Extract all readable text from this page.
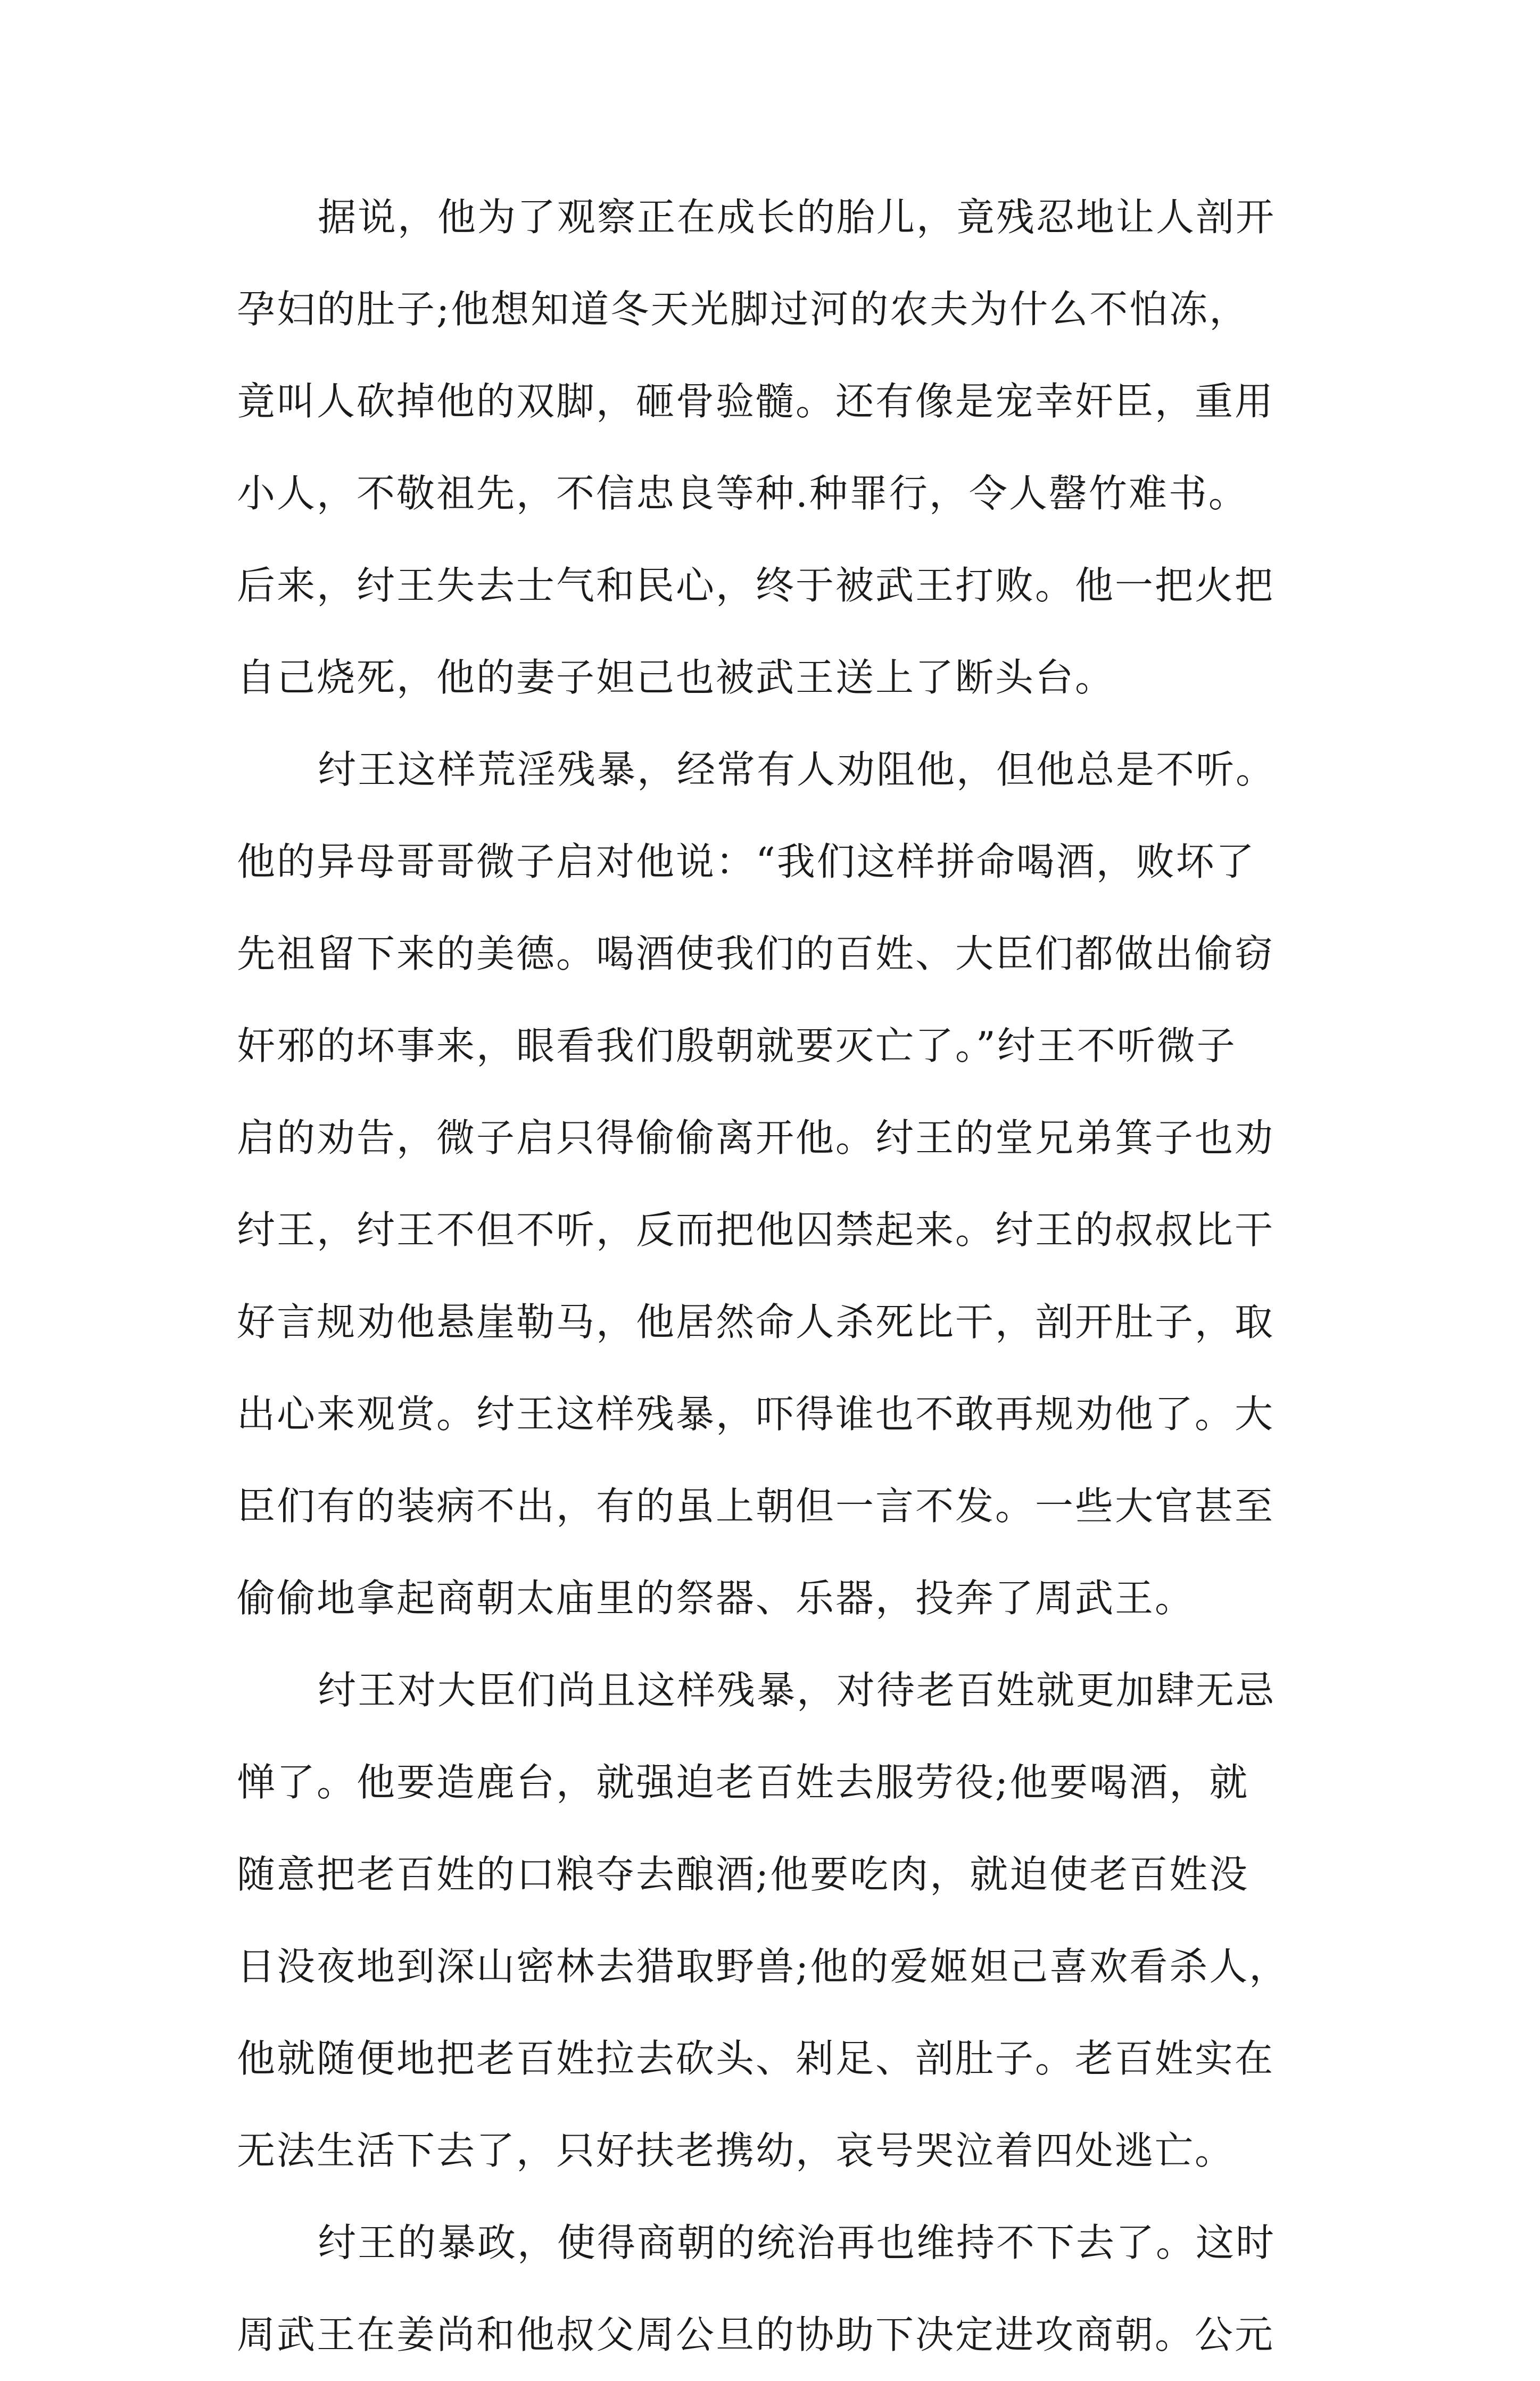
据说，他为了观察正在成长的胎儿，竟残忍地让人剖开
孕妇的肚子;他想知道冬天光脚过河的农夫为什么不怕冻，
竟叫人砍掉他的双脚，砸骨验髓。还有像是宠幸奸臣，重用
小人，不敬祖先，不信忠良等种.种罪行，令人罄竹难书。
后来，纣王失去士气和民心，终于被武王打败。他一把火把
自己烧死，他的妻子妲己也被武王送上了断头台。
纣王这样荒淫残暴，经常有人劝阻他，但他总是不听。
他的异母哥哥微子启对他说：“我们这样拼命喝酒，败坏了
先祖留下来的美德。喝酒使我们的百姓、大臣们都做出偷窃
奸邪的坏事来，眼看我们殷朝就要灭亡了。”纣王不听微子
启的劝告，微子启只得偷偷离开他。纣王的堂兄弟箕子也劝
纣王，纣王不但不听，反而把他囚禁起来。纣王的叔叔比干
好言规劝他悬崖勒马，他居然命人杀死比干，剖开肚子，取
出心来观赏。纣王这样残暴，吓得谁也不敢再规劝他了。大
臣们有的装病不出，有的虽上朝但一言不发。一些大官甚至
偷偷地拿起商朝太庙里的祭器、乐器，投奔了周武王。
纣王对大臣们尚且这样残暴，对待老百姓就更加肆无忌
惮了。他要造鹿台，就强迫老百姓去服劳役;他要喝酒，就
随意把老百姓的口粮夺去酿酒;他要吃肉，就迫使老百姓没
日没夜地到深山密林去猎取野兽;他的爱姬妲己喜欢看杀人，
他就随便地把老百姓拉去砍头、剁足、剖肚子。老百姓实在
无法生活下去了，只好扶老携幼，哀号哭泣着四处逃亡。
纣王的暴政，使得商朝的统治再也维持不下去了。这时
周武王在姜尚和他叔父周公旦的协助下决定进攻商朝。公元
